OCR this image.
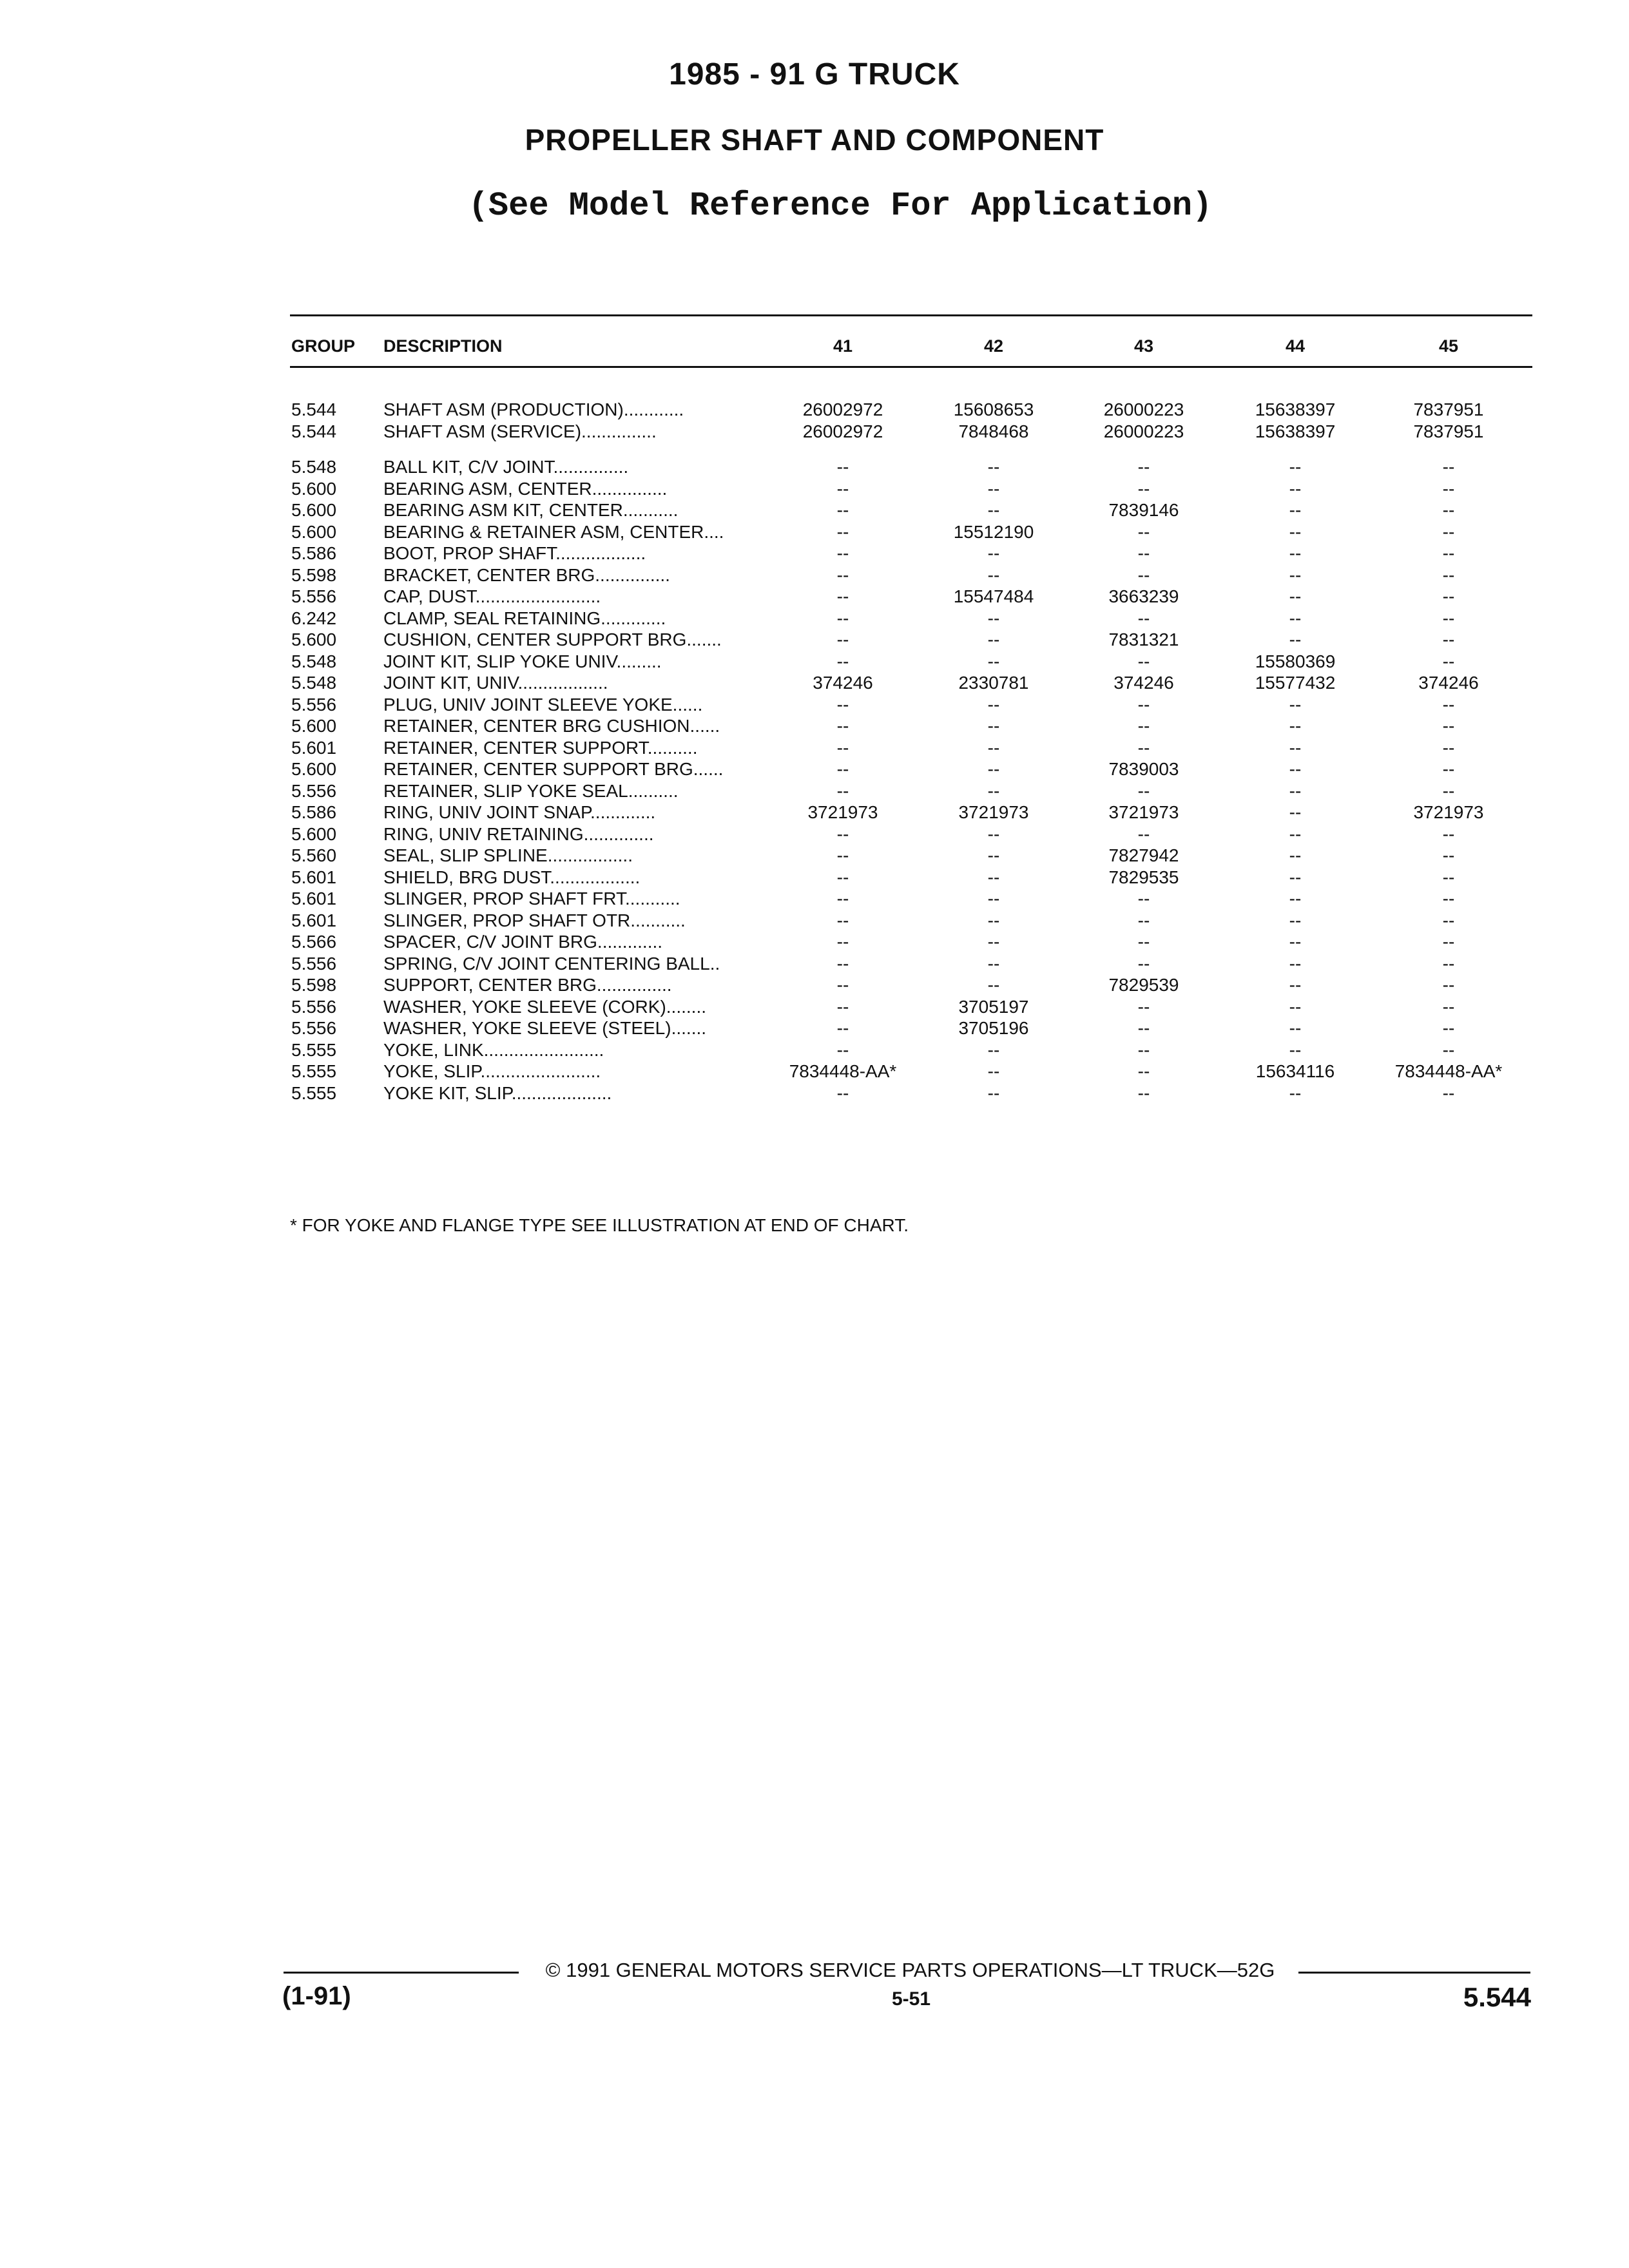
1985 - 91 G TRUCK
PROPELLER SHAFT AND COMPONENT
(See Model Reference For Application)
GROUP DESCRIPTION	41	42	43	44	45
5.544	SHAFT ASM (PRODUCTION)............	26002972	15608653	26000223	15638397	7837951
5.544	SHAFT ASM (SERVICE)...............	26002972	7848468	26000223	15638397	7837951
5.548	BALL KIT, C/V JOINT...............	--	--	--	--	--
5.600	BEARING ASM, CENTER...............	--	--	--	--	--
5.600	BEARING ASM KIT, CENTER...........	--	--	7839146	--	--
5.600	BEARING & RETAINER ASM, CENTER....	--	15512190	--	--	--
5.586	BOOT, PROP SHAFT..................	--	--	--	--	--
5.598	BRACKET, CENTER BRG...............	--	--	--	--	--
5.556	CAP, DUST.........................	--	15547484	3663239	--	--
6.242	CLAMP, SEAL RETAINING.............	--	--	--	--	--
5.600	CUSHION, CENTER SUPPORT BRG.......	--	--	7831321	--	--
5.548	JOINT KIT, SLIP YOKE UNIV.........	--	--	--	15580369	--
5.548	JOINT KIT, UNIV..................	374246	2330781	374246	15577432	374246
5.556	PLUG, UNIV JOINT SLEEVE YOKE......	--	--	--	--	--
5.600	RETAINER, CENTER BRG CUSHION......	--	--	--	--	--
5.601	RETAINER, CENTER SUPPORT..........	--	--	--	--	--
5.600	RETAINER, CENTER SUPPORT BRG......	--	--	7839003	--	--
5.556	RETAINER, SLIP YOKE SEAL..........	--	--	--	--	--
5.586	RING, UNIV JOINT SNAP.............	3721973	3721973	3721973	--	3721973
5.600	RING, UNIV RETAINING..............	--	--	--	--	--
5.560	SEAL, SLIP SPLINE.................	--	--	7827942	--	--
5.601	SHIELD, BRG DUST..................	--	--	7829535	--	--
5.601	SLINGER, PROP SHAFT FRT...........	--	--	--	--	--
5.601	SLINGER, PROP SHAFT OTR...........	--	--	--	--	--
5.566	SPACER, C/V JOINT BRG.............	--	--	--	--	--
5.556	SPRING, C/V JOINT CENTERING BALL..	--	--	--	--	--
5.598	SUPPORT, CENTER BRG...............	--	--	7829539	--	--
5.556	WASHER, YOKE SLEEVE (CORK)........	--	3705197	--	--	--
5.556	WASHER, YOKE SLEEVE (STEEL).......	--	3705196	--	--	--
5.555	YOKE, LINK........................	--	--	--	--	--
5.555	YOKE, SLIP........................	7834448-AA*	--	--	15634116	7834448-AA*
5.555	YOKE KIT, SLIP....................	--	--	--	--	--
* FOR YOKE AND FLANGE TYPE SEE ILLUSTRATION AT END OF CHART.
© 1991 GENERAL MOTORS SERVICE PARTS OPERATIONS—LT TRUCK—52G
(1-91)	5-51	5.544
